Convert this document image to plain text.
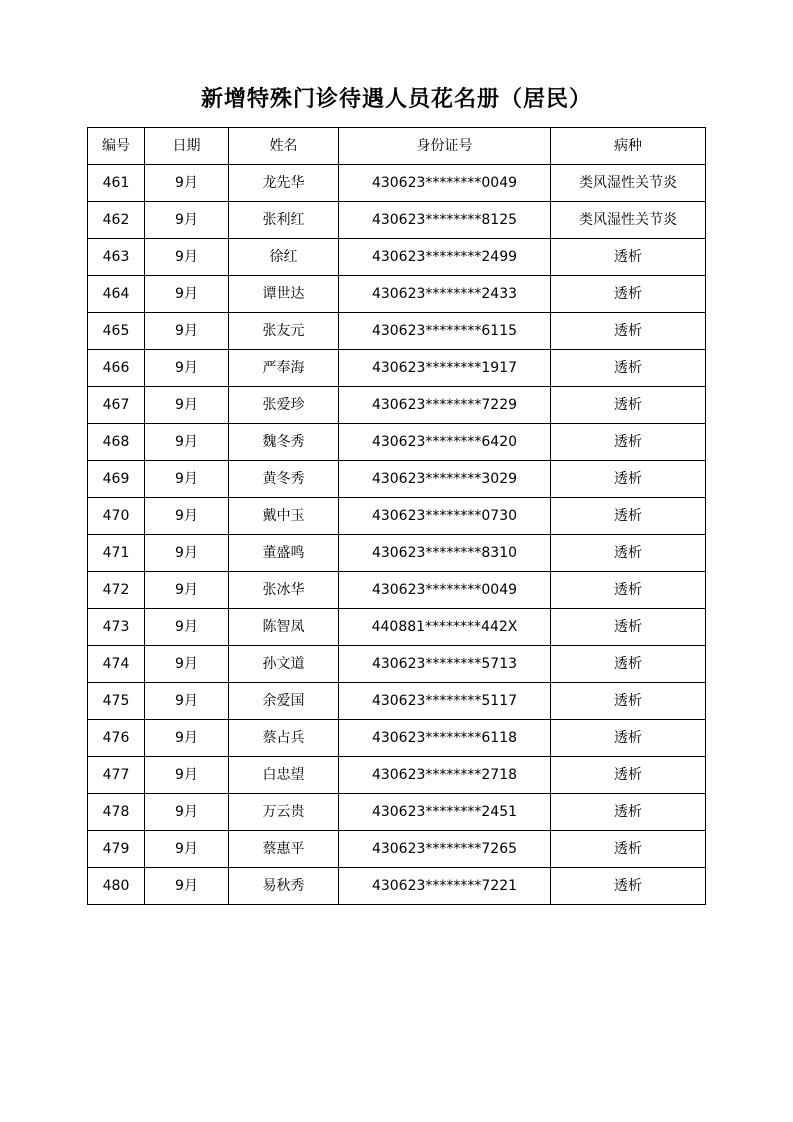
新增特殊门诊待遇人员花名册（居民）
编号	日期	姓名	身份证号	病种
461	9月	龙先华	430623********0049	类风湿性关节炎
462	9月	张利红	430623********8125	类风湿性关节炎
463	9月	徐红	430623********2499	透析
464	9月	谭世达	430623********2433	透析
465	9月	张友元	430623********6115	透析
466	9月	严奉海	430623********1917	透析
467	9月	张爱珍	430623********7229	透析
468	9月	魏冬秀	430623********6420	透析
469	9月	黄冬秀	430623********3029	透析
470	9月	戴中玉	430623********0730	透析
471	9月	董盛鸣	430623********8310	透析
472	9月	张冰华	430623********0049	透析
473	9月	陈智凤	440881********442X	透析
474	9月	孙文道	430623********5713	透析
475	9月	余爱国	430623********5117	透析
476	9月	蔡占兵	430623********6118	透析
477	9月	白忠望	430623********2718	透析
478	9月	万云贵	430623********2451	透析
479	9月	蔡惠平	430623********7265	透析
480	9月	易秋秀	430623********7221	透析
